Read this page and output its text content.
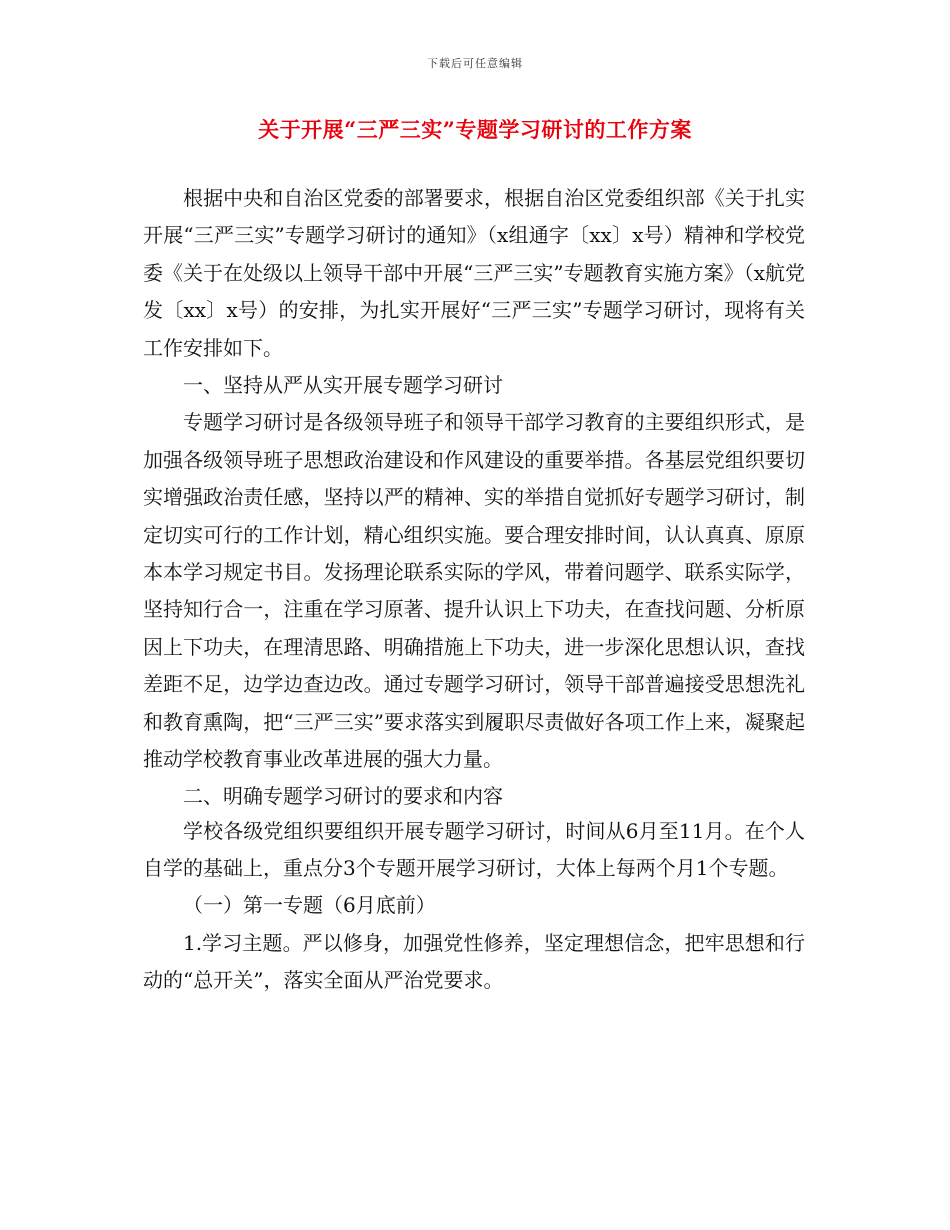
下载后可任意编辑
关于开展“三严三实”专题学习研讨的工作方案

根据中央和自治区党委的部署要求，根据自治区党委组织部《关于扎实开展“三严三实”专题学习研讨的通知》（x组通字〔xx〕x号）精神和学校党委《关于在处级以上领导干部中开展“三严三实”专题教育实施方案》（x航党发〔xx〕x号）的安排，为扎实开展好“三严三实”专题学习研讨，现将有关工作安排如下。

一、坚持从严从实开展专题学习研讨

专题学习研讨是各级领导班子和领导干部学习教育的主要组织形式，是加强各级领导班子思想政治建设和作风建设的重要举措。各基层党组织要切实增强政治责任感，坚持以严的精神、实的举措自觉抓好专题学习研讨，制定切实可行的工作计划，精心组织实施。要合理安排时间，认认真真、原原本本学习规定书目。发扬理论联系实际的学风，带着问题学、联系实际学，坚持知行合一，注重在学习原著、提升认识上下功夫，在查找问题、分析原因上下功夫，在理清思路、明确措施上下功夫，进一步深化思想认识，查找差距不足，边学边查边改。通过专题学习研讨，领导干部普遍接受思想洗礼和教育熏陶，把“三严三实”要求落实到履职尽责做好各项工作上来，凝聚起推动学校教育事业改革进展的强大力量。

二、明确专题学习研讨的要求和内容

学校各级党组织要组织开展专题学习研讨，时间从6月至11月。在个人自学的基础上，重点分3个专题开展学习研讨，大体上每两个月1个专题。

（一）第一专题（6月底前）

1.学习主题。严以修身，加强党性修养，坚定理想信念，把牢思想和行动的“总开关”，落实全面从严治党要求。
